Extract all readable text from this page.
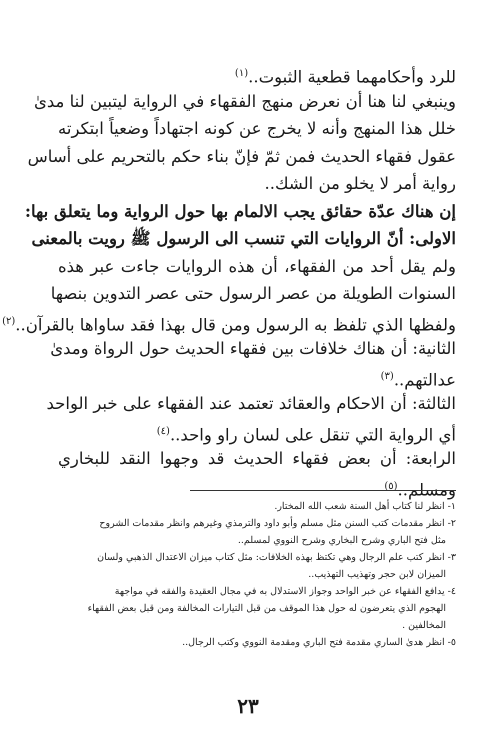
للرد وأحكامهما قطعية الثبوت..$^{(١)}$
وينبغي لنا هنا أن نعرض منهج الفقهاء في الرواية ليتبين لنا مدىٰ
خلل هذا المنهج وأنه لا يخرج عن كونه اجتهاداً وضعياً ابتكرته
عقول فقهاء الحديث فمن ثمّ فإنّ بناء حكم بالتحريم على أساس
رواية أمر لا يخلو من الشك..
إن هناك عدّة حقائق يجب الالمام بها حول الرواية وما يتعلق بها:
الاولى: أنّ الروايات التي تنسب الى الرسول ﷺ رويت بالمعنى
ولم يقل أحد من الفقهاء، أن هذه الروايات جاءت عبر هذه
السنوات الطويلة من عصر الرسول حتى عصر التدوين بنصها
ولفظها الذي تلفظ به الرسول ومن قال بهذا فقد ساواها بالقرآن..$^{(٢)}$
الثانية: أن هناك خلافات بين فقهاء الحديث حول الرواة ومدىٰ
عدالتهم..$^{(٣)}$
الثالثة: أن الاحكام والعقائد تعتمد عند الفقهاء على خبر الواحد
أي الرواية التي تنقل على لسان راو واحد..$^{(٤)}$
الرابعة: أن بعض فقهاء الحديث قد وجهوا النقد للبخاري
ومسلم..$^{(٥)}$
١- انظر لنا كتاب أهل السنة شعب الله المختار.
٢- انظر مقدمات كتب السنن مثل مسلم وأبو داود والترمذي وغيرهم وانظر مقدمات الشروح
مثل فتح الباري وشرح البخاري وشرح النووي لمسلم..
٣- انظر كتب علم الرجال وهي تكتظ بهذه الخلافات: مثل كتاب ميزان الاعتدال الذهبي ولسان
الميزان لابن حجر وتهذيب التهذيب..
٤- يدافع الفقهاء عن خبر الواحد وجواز الاستدلال به في مجال العقيدة والفقه في مواجهة
الهجوم الذي يتعرضون له حول هذا الموقف من قبل التيارات المخالفة ومن قبل بعض الفقهاء
المخالفين .
٥- انظر هدىٰ الساري مقدمة فتح الباري ومقدمة النووي وكتب الرجال..
٢٣
